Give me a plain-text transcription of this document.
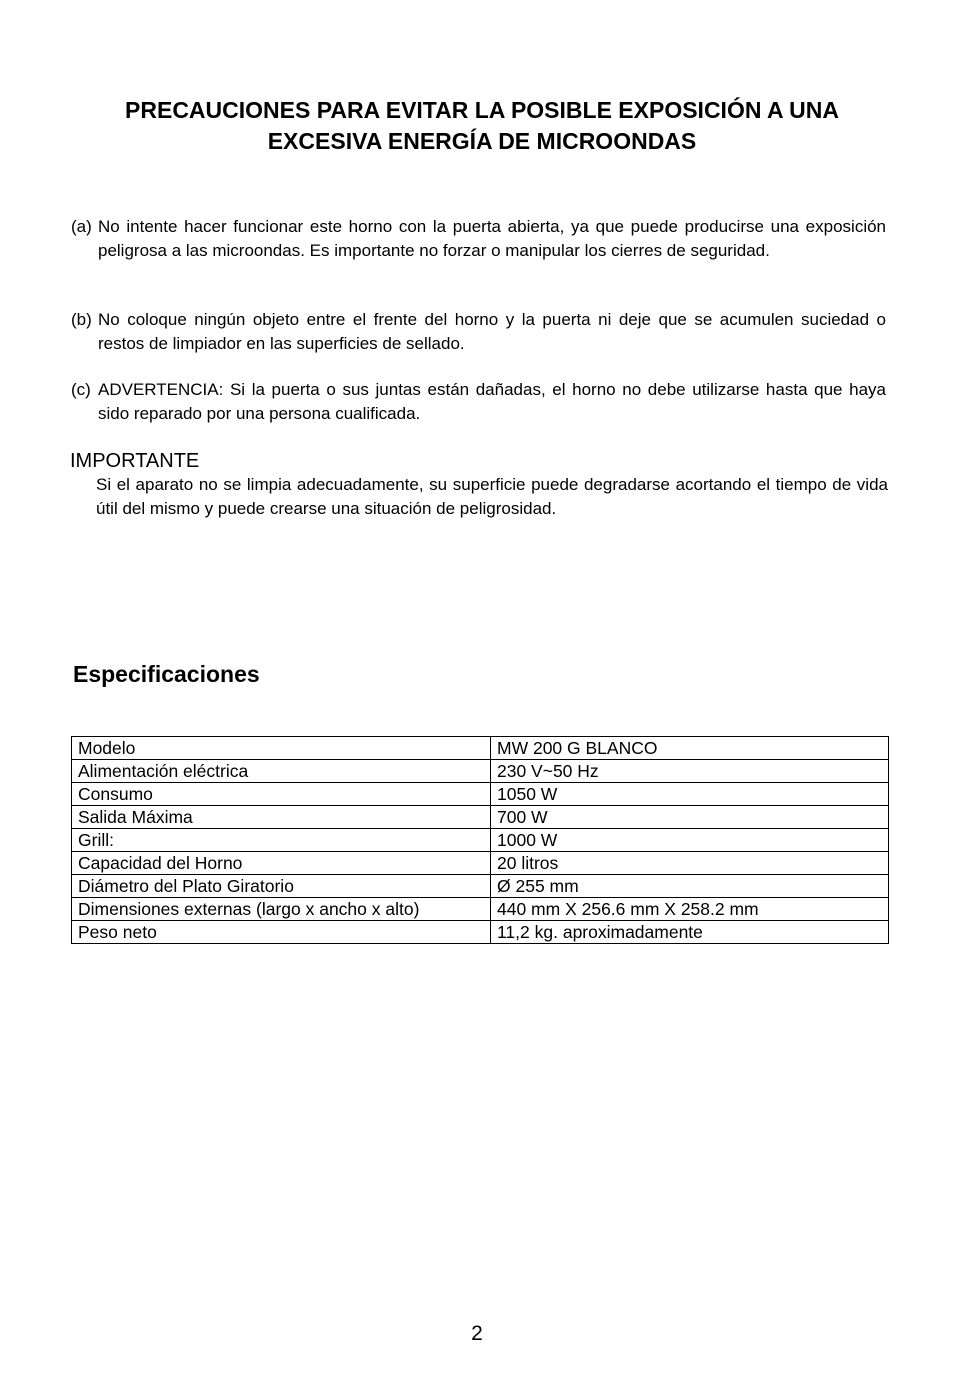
PRECAUCIONES PARA EVITAR LA POSIBLE EXPOSICIÓN A UNA
EXCESIVA ENERGÍA DE MICROONDAS
(a) No intente hacer funcionar este horno con la puerta abierta, ya que puede producirse una exposición peligrosa a las microondas. Es importante no forzar o manipular los cierres de seguridad.
(b) No coloque ningún objeto entre el frente del horno y la puerta ni deje que se acumulen suciedad o restos de limpiador en las superficies de sellado.
(c) ADVERTENCIA: Si la puerta o sus juntas están dañadas, el horno no debe utilizarse hasta que haya sido reparado por una persona cualificada.
IMPORTANTE
Si el aparato no se limpia adecuadamente, su superficie puede degradarse acortando el tiempo de vida útil del mismo y puede crearse una situación de peligrosidad.
Especificaciones
Modelo	MW 200 G BLANCO
Alimentación eléctrica	230 V~50 Hz
Consumo	1050 W
Salida Máxima	700 W
Grill:	1000 W
Capacidad del Horno	20 litros
Diámetro del Plato Giratorio	Ø 255 mm
Dimensiones externas (largo x ancho x alto)	440 mm X 256.6 mm X 258.2 mm
Peso neto	11,2 kg. aproximadamente
2
